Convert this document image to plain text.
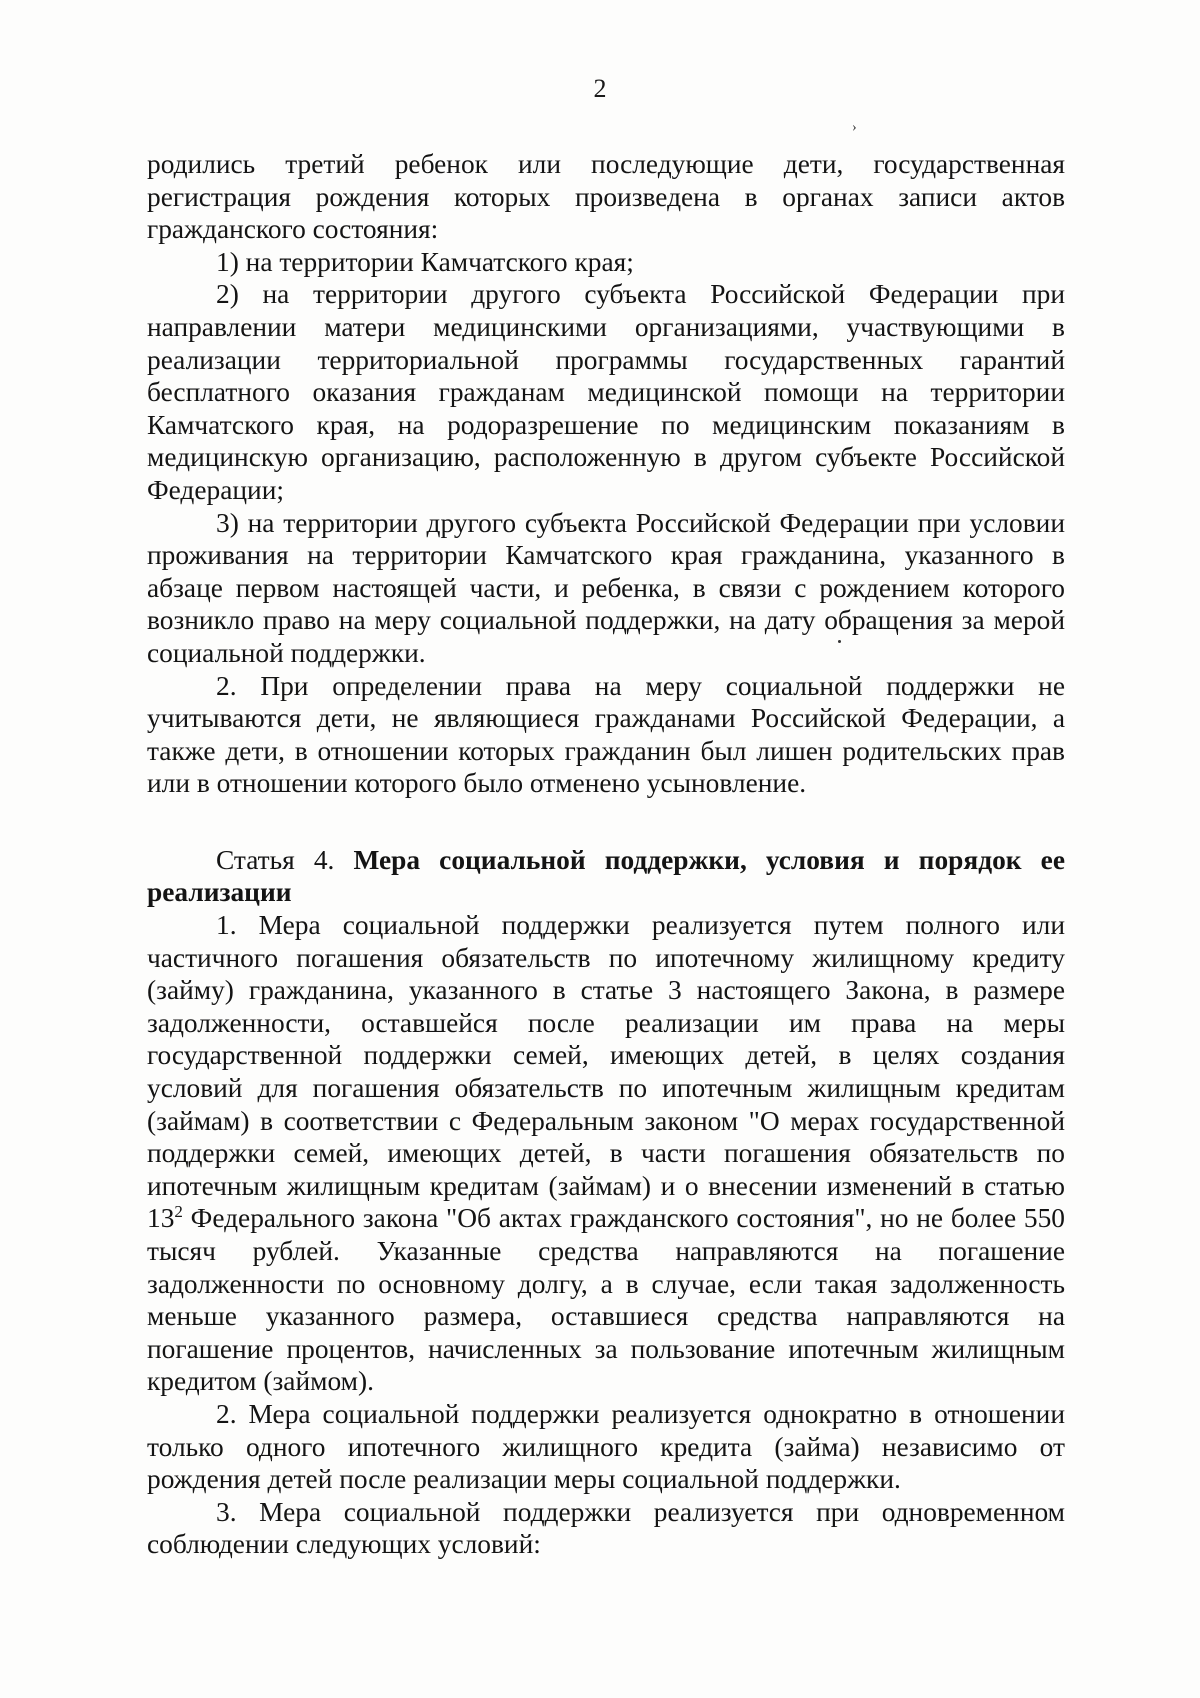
2
›

родились третий ребенок или последующие дети, государственная регистрация рождения которых произведена в органах записи актов гражданского состояния:

1) на территории Камчатского края;

2) на территории другого субъекта Российской Федерации при направлении матери медицинскими организациями, участвующими в реализации территориальной программы государственных гарантий бесплатного оказания гражданам медицинской помощи на территории Камчатского края, на родоразрешение по медицинским показаниям в медицинскую организацию, расположенную в другом субъекте Российской Федерации;

3) на территории другого субъекта Российской Федерации при условии проживания на территории Камчатского края гражданина, указанного в абзаце первом настоящей части, и ребенка, в связи с рождением которого возникло право на меру социальной поддержки, на дату обращения за мерой социальной поддержки.

2. При определении права на меру социальной поддержки не учитываются дети, не являющиеся гражданами Российской Федерации, а также дети, в отношении которых гражданин был лишен родительских прав или в отношении которого было отменено усыновление.

Статья 4. Мера социальной поддержки, условия и порядок ее реализации

1. Мера социальной поддержки реализуется путем полного или частичного погашения обязательств по ипотечному жилищному кредиту (займу) гражданина, указанного в статье 3 настоящего Закона, в размере задолженности, оставшейся после реализации им права на меры государственной поддержки семей, имеющих детей, в целях создания условий для погашения обязательств по ипотечным жилищным кредитам (займам) в соответствии с Федеральным законом "О мерах государственной поддержки семей, имеющих детей, в части погашения обязательств по ипотечным жилищным кредитам (займам) и о внесении изменений в статью $13^2$ Федерального закона "Об актах гражданского состояния", но не более 550 тысяч рублей. Указанные средства направляются на погашение задолженности по основному долгу, а в случае, если такая задолженность меньше указанного размера, оставшиеся средства направляются на погашение процентов, начисленных за пользование ипотечным жилищным кредитом (займом).

2. Мера социальной поддержки реализуется однократно в отношении только одного ипотечного жилищного кредита (займа) независимо от рождения детей после реализации меры социальной поддержки.

3. Мера социальной поддержки реализуется при одновременном соблюдении следующих условий:
